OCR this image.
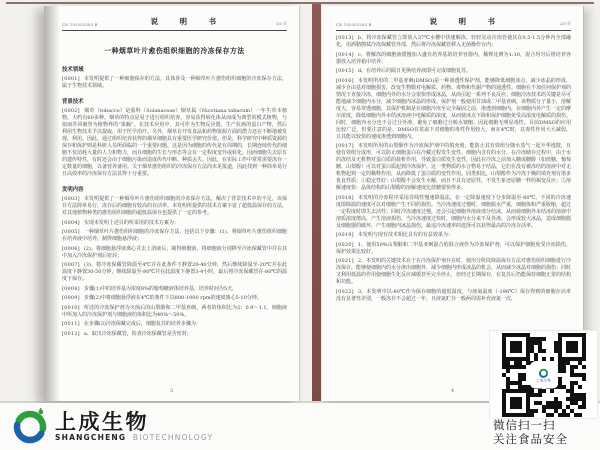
CN 103355285 B	说　明　书	1/3 页
一种烟草叶片愈伤组织细胞的冷冻保存方法
技术领域

[0001] 本发明提供了一种细胞保存的方法，具体涉及一种烟草叶片愈伤组织细胞的冷冻保存方法，属于生物技术领域。

背景技术

[0002] 烟草（tobacco）是茄科（Solanaceae）烟草属（Nicotiana tabacum）一年生草本植物，大约有60多种。烟草的特点是易于进行组织培养，容易获得转化体从而成为典型的模式植物，与拟南芥同被誉为植物界的“果蝇”。在技术应用中，其可作为生物反应器，生产抗癌的蛋白产物，然后利用生物技术予以提取，用于医学治疗。另外，烟草在开发食品和药物资源方面的潜力还在不断地被发现、利用。因此，通过组织培养获得的烟草细胞具有重要医学研究价值。但是，科学研究中种质资源的保存和保护则是科研人员所面临的一个重要问题。这是因为细胞的传代是有周期的，长期连续传代的细胞不仅消耗大量的人力和物力，而且细胞的生长与形态等会有一定程度变异或转化，因而细胞失去原有的遗传特性，有时还会由于细胞污染而造成传代中断、种质丢失。因此，在实际工作中常常需要冻存一定数量的细胞，以备营养备用。关于烟草愈伤组织的冷冻保存方法尚未见报道，因此找到一种简单易行且高效率的冷冻保存方法显得十分重要。

发明内容

[0003] 本发明提供了一种烟草叶片愈伤组织细胞的冷冻保存方法，解决了背景技术中的不足，该保存方法简单易行，冻存后的细胞有较高的存活率。本发明所提供的技术方案丰富了超低温保存的方法，对其他植物种类的愈伤组织细胞的超低温保存也提供了一定的参考。

[0004] 实现本发明上述目的所采用的技术方案为：

[0005] 一种烟草叶片愈伤组织细胞的冷冻保存方法，包括以下步骤：(1)、将烟草叶片愈伤组织细胞在培养液中培养，制得细胞悬浮液；

[0006] (2)、将细胞悬浮液离心并去上清液后，制得细胞液，将细胞液分别移至冷冻保藏管中并在其中加入冷冻保护剂后密封；

[0007] (3)、将冷冻保藏管降温至4℃并在此条件下静置20-40分钟，然后继续降温至-20℃并在此温度下静置30-50分钟，继续降温至-80℃并在此温度下静置3-4小时，最后将冷冻保藏管在-80℃的温度下保存。

[0008] 步骤(1)中的培养基为浓度8%的葡萄糖液体培养基，培养时间为5天。

[0009] 步骤(2)中将细胞悬浮液在4℃的条件下以800-1000 rpm的速度离心5-10分钟。

[0010] 所述的冷冻保护剂为灭菌后的山梨醇和二甲基亚砜，两者的体积比为2：0.9～1.1，细胞液中所加入的冷冻保护剂与细胞液的体积比为40%～50%。

[0011] 在步骤(3)冷冻保藏完成后，细胞复苏的培养步骤为：

[0012] a、取出冷冻保藏管，检查冷冻保藏管是否密封；

3
CN 103355285 B	说　明　书	2/3 页

[0013] b、将冷冻保藏管立即放入37℃水槽中快速解冻，轻轻晃动冷冻管使其在0.5-1.5分钟内全部融化，用酒精擦拭冷冻保藏管外部，然后将冷冻保藏管移入无菌操作台内；

[0014] c、将解冻的细胞液缓慢加入盛有培养基的培养容器内，稀释比例为1:10，混合均匀后将培养容器放入培养箱中培养；

[0015] d、在培养后的隔日更换培养液即可完成细胞复苏。

[0016] 本发明所用的二甲基亚砜(DMSO)是一种渗透性保护剂，能够降低细胞冰点，减少冰晶的形成，减少自由基对细胞损害，改变生物膜对电解质、药物、毒物和代谢产物的通透性。细胞在不加任何保护剂的情况下直接冷冻，细胞内外的水分会很快形成冰晶，从而引起一系列不良反应。细胞冷冻技术的关键是尽可能地减少细胞内水分，减少细胞内冰晶的形成。保护剂一般使用甘油或二甲基亚砜，该物质分子量小，溶解度大，容易穿透细胞，其保护机制是在细胞冷冻至完全凝固之前，渗透到细胞内，在细胞内外产生一定的摩尔浓度，降低细胞内外未结冰溶液中电解质的浓度，从而使冰点下降和保护细胞免受高浓度电解质的损伤。同时，细胞内水分也不会过分外渗，避免了细胞过分脱水皱缩，因此细胞无明显毒性。目前DMSO的应用比较广泛，但要注意的是，DMSO在常温下对细胞的毒性作用较大，而在4℃时，其毒性作用大大减弱，且其能以较快的速度渗透到细胞内。

[0017] 本发明所用的山梨醇作为冷冻保护剂中的填充剂，能防止其有效组分随水蒸气一起升华逸散，且使有效组分成形，可以防止细胞蛋白在冷藏过程发生变性。细胞内含有的水分，在冷冻储存过程中，由于水的冻结及无机物对蛋白质的盐析作用，导致蛋白质发生变性，因此在冷冻之前加入糖或糖醇（如蔗糖、葡萄糖、山梨醇）可以对蛋白质起到冷冻保护。这一类物质的水合物易于结晶，它们在没有被冻结的溶液中对无机物起到一定的稀释作用，从而降低了蛋白质的变性作用。同类相比，山梨醇作为冷冻干燥的填充剂有诸多优良性质：①稳定性好：山梨醇不会发生水解，而且不具有还原性，不发生象还原糖一样的褐变反应；②溶解速度快：晶体结构的山梨醇的溶解速度比蔗糖要快得多。

[0018] 本发明的冷冻程序采用非线性慢速降温法，在一定降温速度下分步降温至-80℃。不同的冷冻速度即降温的速度可以对细胞产生不同的损伤。当冷冻速度过慢时，细胞脱水严重，细胞体积严重收缩，超过一定程度时即失去活性；同时冷冻速度过慢，还会引起细胞外溶液部分结冰，从而使细胞外未结冰的溶液中溶质浓度增高，产生溶液损伤。当冷冻速度过快时，细胞内水分来不及外渗，会形成较大冰晶，造成细胞膜及细胞器的破坏，产生细胞内冰晶损伤。最适冷冻速率的选择可以获得最高的冷冻存活率。

[0019] 本发明与现有技术相比具有的有益效果为：

[0020] 1、使用50%山梨醇和二甲基亚砜混合的混合液作为冷冻保护剂，可以保护细胞免受冷冻损伤，保护效果比较好。

[0021] 2、本发明的关键技术在于在冷冻保护剂存在时，使用分阶段降温保存方法对愈伤组织细胞进行冷冻保存，能够使细胞内的水分渗出细胞外，减少细胞内形成冰晶的机会，从而减少冰晶对细胞的损伤；同时又利用低温的作用使细胞生化反应减缓甚至完全停止，但经过长期保存，在复苏后仍能保持细胞正常的结构和功能。

[0022] 3、本发明中以-80℃作为保存细胞的超低温度，与液氮温度（-196℃）保存得到的细胞存活率没有显著性差别，一般冻存不会超过一年，且液氮贮存一般两周需补充液氮一次，

4
上成生物
SHANGCHENG BIOTECHNOLOGY
上成生物
微信扫一扫
关注食品安全
